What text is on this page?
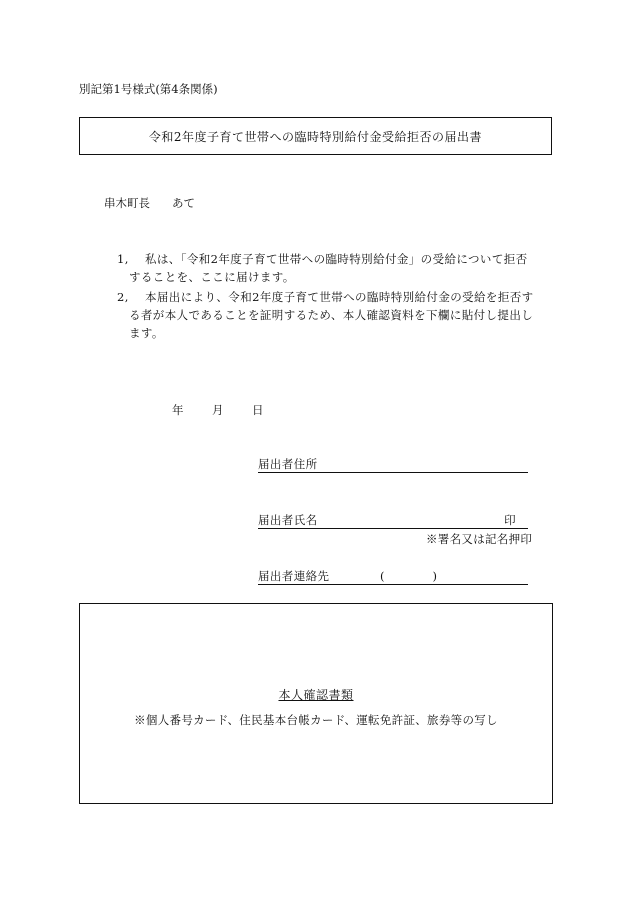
別記第1号様式(第4条関係)
令和2年度子育て世帯への臨時特別給付金受給拒否の届出書
串木町長 あて
1, 私は、「令和2年度子育て世帯への臨時特別給付金」の受給について拒否
することを、ここに届けます。
2, 本届出により、令和2年度子育て世帯への臨時特別給付金の受給を拒否す
る者が本人であることを証明するため、本人確認資料を下欄に貼付し提出し
ます。
年 月 日
届出者住所
届出者氏名	印
※署名又は記名押印
届出者連絡先	(　　　　)
本人確認書類
※個人番号カード、住民基本台帳カード、運転免許証、旅券等の写し
